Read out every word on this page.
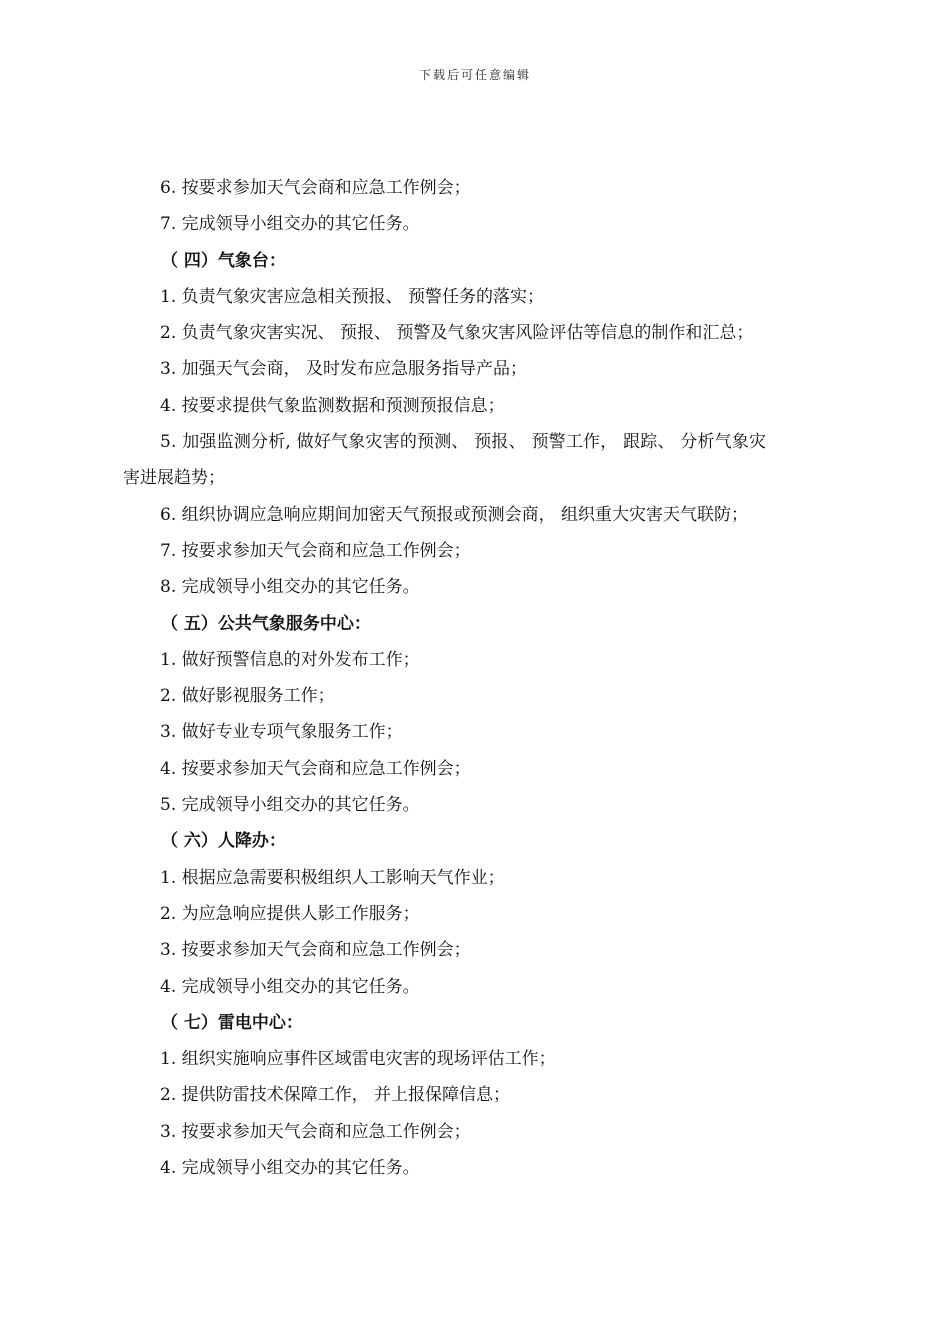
下载后可任意编辑
6. 按要求参加天气会商和应急工作例会；
7. 完成领导小组交办的其它任务。
（ 四）气象台：
1. 负责气象灾害应急相关预报、 预警任务的落实；
2. 负责气象灾害实况、 预报、 预警及气象灾害风险评估等信息的制作和汇总；
3. 加强天气会商， 及时发布应急服务指导产品；
4. 按要求提供气象监测数据和预测预报信息；
5. 加强监测分析, 做好气象灾害的预测、 预报、 预警工作， 跟踪、 分析气象灾
害进展趋势；
6. 组织协调应急响应期间加密天气预报或预测会商， 组织重大灾害天气联防；
7. 按要求参加天气会商和应急工作例会；
8. 完成领导小组交办的其它任务。
（ 五）公共气象服务中心：
1. 做好预警信息的对外发布工作；
2. 做好影视服务工作；
3. 做好专业专项气象服务工作；
4. 按要求参加天气会商和应急工作例会；
5. 完成领导小组交办的其它任务。
（ 六）人降办：
1. 根据应急需要积极组织人工影响天气作业；
2. 为应急响应提供人影工作服务；
3. 按要求参加天气会商和应急工作例会；
4. 完成领导小组交办的其它任务。
（ 七）雷电中心：
1. 组织实施响应事件区域雷电灾害的现场评估工作；
2. 提供防雷技术保障工作， 并上报保障信息；
3. 按要求参加天气会商和应急工作例会；
4. 完成领导小组交办的其它任务。
